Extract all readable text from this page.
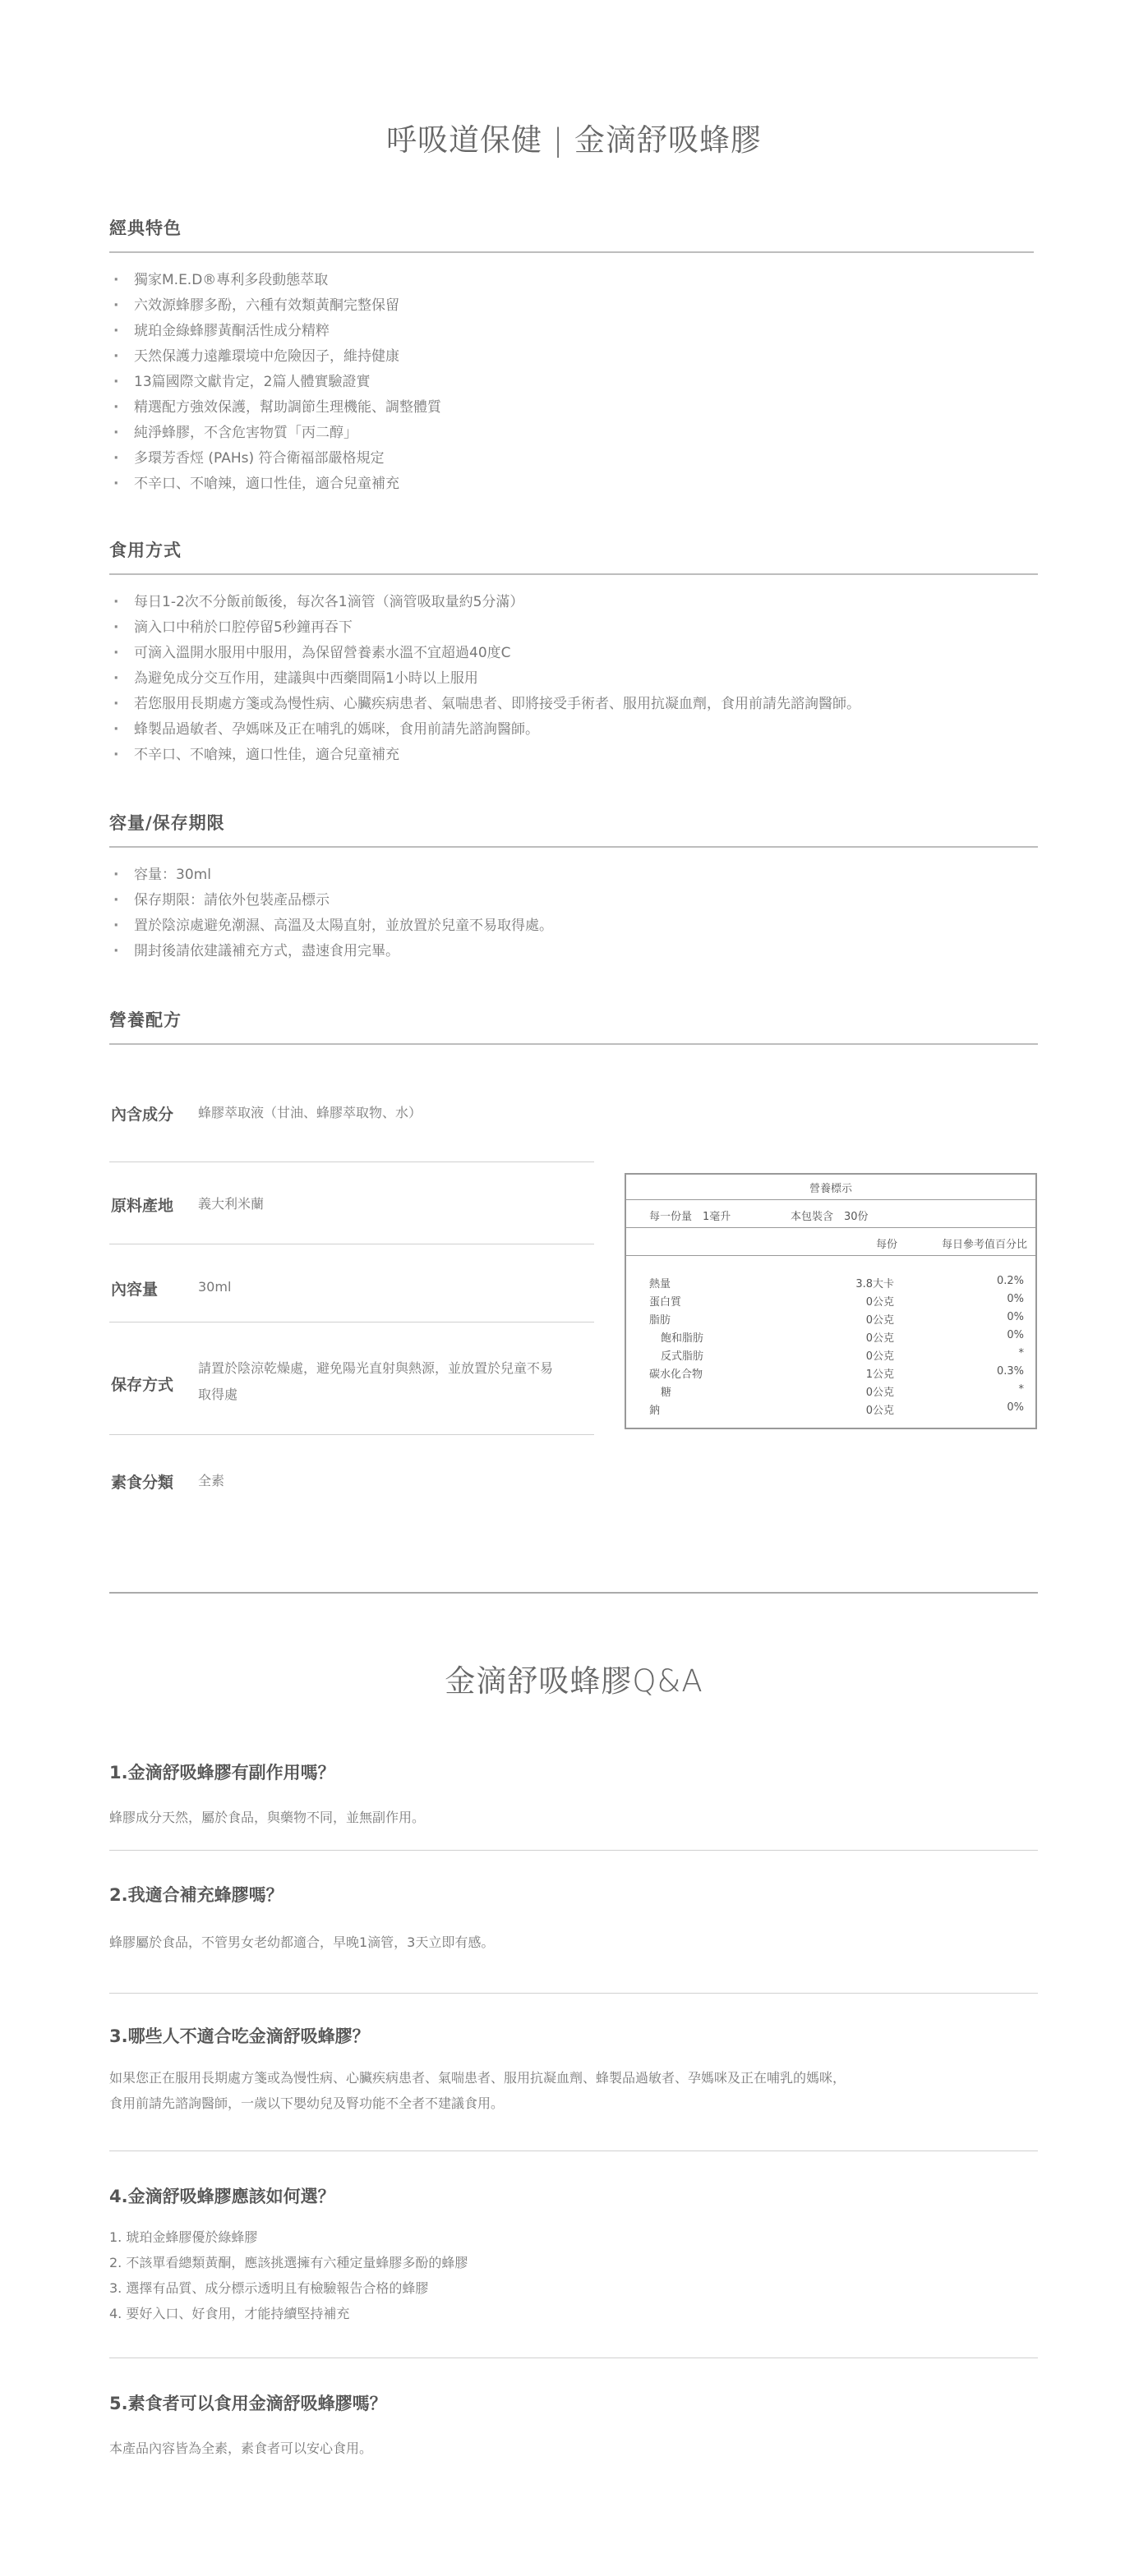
呼吸道保健 | 金滴舒吸蜂膠
經典特色
· 獨家M.E.D®專利多段動態萃取
· 六效源蜂膠多酚，六種有效類黃酮完整保留
· 琥珀金綠蜂膠黃酮活性成分精粹
· 天然保護力遠離環境中危險因子，維持健康
· 13篇國際文獻肯定，2篇人體實驗證實
· 精選配方強效保護，幫助調節生理機能、調整體質
· 純淨蜂膠，不含危害物質「丙二醇」
· 多環芳香烴 (PAHs) 符合衛福部嚴格規定
· 不辛口、不嗆辣，適口性佳，適合兒童補充
食用方式
· 每日1-2次不分飯前飯後，每次各1滴管（滴管吸取量約5分滿）
· 滴入口中稍於口腔停留5秒鐘再吞下
· 可滴入溫開水服用中服用，為保留營養素水溫不宜超過40度C
· 為避免成分交互作用，建議與中西藥間隔1小時以上服用
· 若您服用長期處方箋或為慢性病、心臟疾病患者、氣喘患者、即將接受手術者、服用抗凝血劑，食用前請先諮詢醫師。
· 蜂製品過敏者、孕媽咪及正在哺乳的媽咪，食用前請先諮詢醫師。
· 不辛口、不嗆辣，適口性佳，適合兒童補充
容量/保存期限
· 容量：30ml
· 保存期限：請依外包裝產品標示
· 置於陰涼處避免潮濕、高溫及太陽直射，並放置於兒童不易取得處。
· 開封後請依建議補充方式，盡速食用完畢。
營養配方
內含成分 蜂膠萃取液（甘油、蜂膠萃取物、水）
原料產地 義大利米蘭
內容量	30ml
保存方式
請置於陰涼乾燥處，避免陽光直射與熱源，並放置於兒童不易
取得處
素食分類 全素
營養標示
每一份量　1毫升	本包裝含　30份
每份	每日參考值百分比
熱量	3.8大卡	0.2%
蛋白質	0公克	0%
脂肪	0公克	0%
飽和脂肪	0公克	0%
反式脂肪	0公克	*
碳水化合物	1公克	0.3%
糖	0公克	*
鈉	0公克	0%
金滴舒吸蜂膠Q&A
1.金滴舒吸蜂膠有副作用嗎？
蜂膠成分天然，屬於食品，與藥物不同，並無副作用。
2.我適合補充蜂膠嗎？
蜂膠屬於食品，不管男女老幼都適合，早晚1滴管，3天立即有感。
3.哪些人不適合吃金滴舒吸蜂膠？
如果您正在服用長期處方箋或為慢性病、心臟疾病患者、氣喘患者、服用抗凝血劑、蜂製品過敏者、孕媽咪及正在哺乳的媽咪，
食用前請先諮詢醫師，一歲以下嬰幼兒及腎功能不全者不建議食用。
4.金滴舒吸蜂膠應該如何選？
1. 琥珀金蜂膠優於綠蜂膠
2. 不該單看總類黃酮，應該挑選擁有六種定量蜂膠多酚的蜂膠
3. 選擇有品質、成分標示透明且有檢驗報告合格的蜂膠
4. 要好入口、好食用，才能持續堅持補充
5.素食者可以食用金滴舒吸蜂膠嗎？
本產品內容皆為全素，素食者可以安心食用。
